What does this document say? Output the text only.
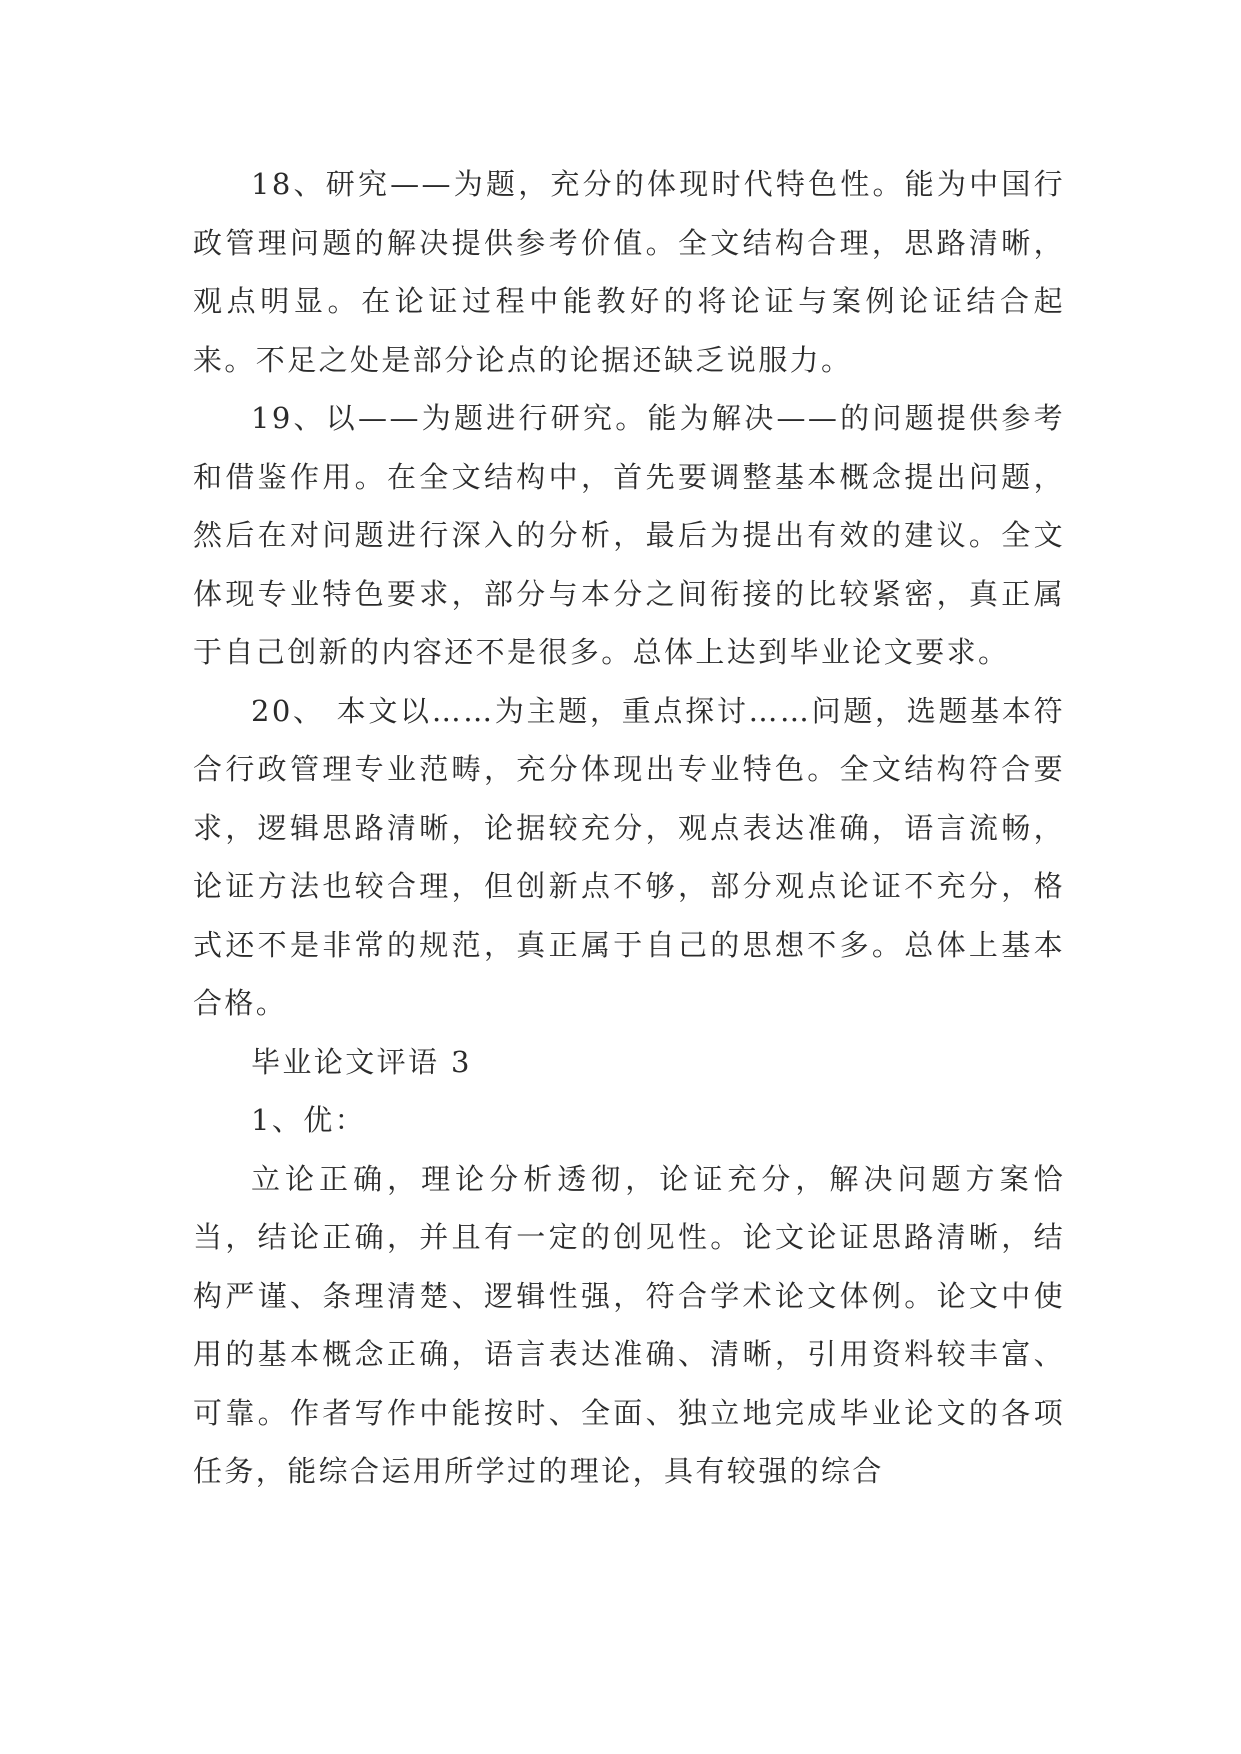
18、研究——为题，充分的体现时代特色性。能为中国行政管理问题的解决提供参考价值。全文结构合理，思路清晰，观点明显。在论证过程中能教好的将论证与案例论证结合起来。不足之处是部分论点的论据还缺乏说服力。

19、以——为题进行研究。能为解决——的问题提供参考和借鉴作用。在全文结构中，首先要调整基本概念提出问题，然后在对问题进行深入的分析，最后为提出有效的建议。全文体现专业特色要求，部分与本分之间衔接的比较紧密，真正属于自己创新的内容还不是很多。总体上达到毕业论文要求。

20、 本文以……为主题，重点探讨……问题，选题基本符合行政管理专业范畴，充分体现出专业特色。全文结构符合要求，逻辑思路清晰，论据较充分，观点表达准确，语言流畅，论证方法也较合理，但创新点不够，部分观点论证不充分，格式还不是非常的规范，真正属于自己的思想不多。总体上基本合格。

毕业论文评语 3

1、优：

立论正确，理论分析透彻，论证充分，解决问题方案恰当，结论正确，并且有一定的创见性。论文论证思路清晰，结构严谨、条理清楚、逻辑性强，符合学术论文体例。论文中使用的基本概念正确，语言表达准确、清晰，引用资料较丰富、可靠。作者写作中能按时、全面、独立地完成毕业论文的各项任务，能综合运用所学过的理论，具有较强的综合
